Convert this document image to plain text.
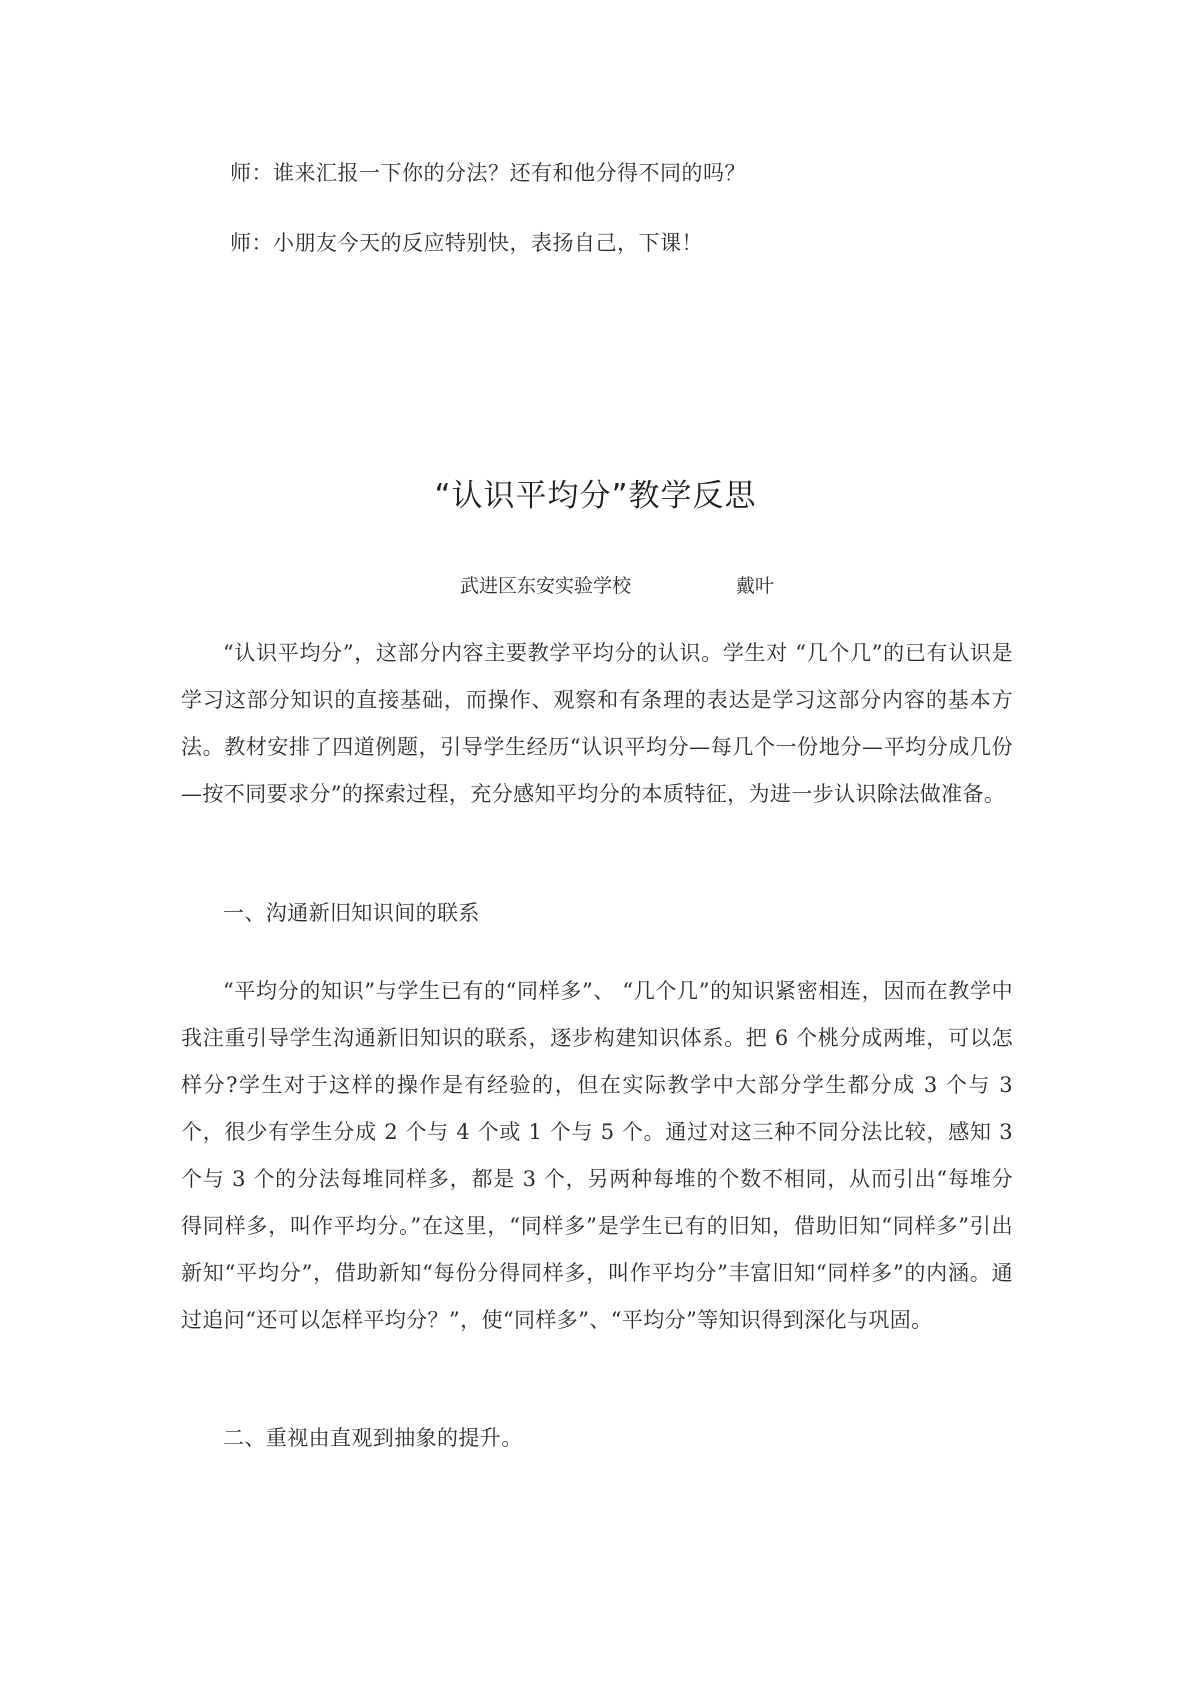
师：谁来汇报一下你的分法？还有和他分得不同的吗？
师：小朋友今天的反应特别快，表扬自己，下课！
“认识平均分”教学反思
武进区东安实验学校	戴叶

“认识平均分”，这部分内容主要教学平均分的认识。学生对 “几个几”的已有认识是学习这部分知识的直接基础，而操作、观察和有条理的表达是学习这部分内容的基本方法。教材安排了四道例题，引导学生经历“认识平均分—每几个一份地分—平均分成几份—按不同要求分”的探索过程，充分感知平均分的本质特征，为进一步认识除法做准备。

一、沟通新旧知识间的联系

“平均分的知识”与学生已有的“同样多”、 “几个几”的知识紧密相连，因而在教学中我注重引导学生沟通新旧知识的联系，逐步构建知识体系。把 6 个桃分成两堆，可以怎样分?学生对于这样的操作是有经验的，但在实际教学中大部分学生都分成 3 个与 3 个，很少有学生分成 2 个与 4 个或 1 个与 5 个。通过对这三种不同分法比较，感知 3 个与 3 个的分法每堆同样多，都是 3 个，另两种每堆的个数不相同，从而引出“每堆分得同样多，叫作平均分。”在这里，“同样多”是学生已有的旧知，借助旧知“同样多”引出新知“平均分”，借助新知“每份分得同样多，叫作平均分”丰富旧知“同样多”的内涵。通过追问“还可以怎样平均分？”，使“同样多”、“平均分”等知识得到深化与巩固。

二、重视由直观到抽象的提升。
